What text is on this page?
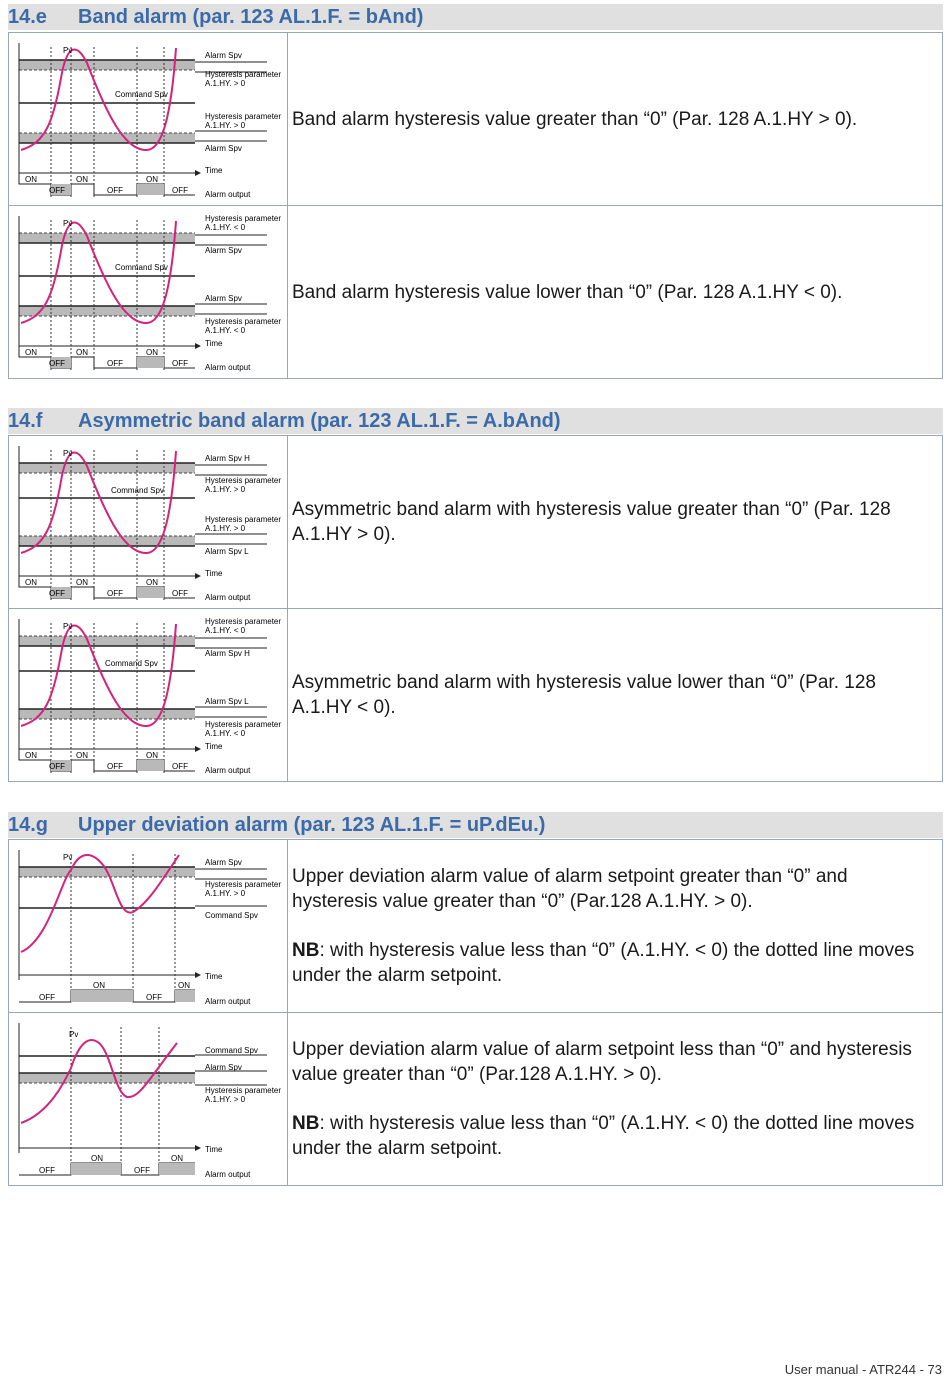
14.e Band alarm (par. 123 AL.1.F. = bAnd)
Pv
Alarm Spv
Hysteresis parameter
A.1.HY. > 0
Command Spv
Hysteresis parameter
A.1.HY. > 0
Alarm Spv
Time
Alarm output
ON
OFF
ON
OFF
ON
OFF

Band alarm hysteresis value greater than “0” (Par. 128 A.1.HY > 0).

Pv
Hysteresis parameter
A.1.HY. < 0
Alarm Spv
Command Spv
Alarm Spv
Hysteresis parameter
A.1.HY. < 0
Time
Alarm output
ON
OFF
ON
OFF
ON
OFF

Band alarm hysteresis value lower than “0” (Par. 128 A.1.HY < 0).

14.f Asymmetric band alarm (par. 123 AL.1.F. = A.bAnd)
Pv
Alarm Spv H
Hysteresis parameter
A.1.HY. > 0
Command Spv
Hysteresis parameter
A.1.HY. > 0
Alarm Spv L
Time
Alarm output
ON
OFF
ON
OFF
ON
OFF

Asymmetric band alarm with hysteresis value greater than “0” (Par. 128 A.1.HY > 0).

Pv
Hysteresis parameter
A.1.HY. < 0
Alarm Spv H
Command Spv
Alarm Spv L
Hysteresis parameter
A.1.HY. < 0
Time
Alarm output
ON
OFF
ON
OFF
ON
OFF

Asymmetric band alarm with hysteresis value lower than “0” (Par. 128 A.1.HY < 0).

14.g Upper deviation alarm (par. 123 AL.1.F. = uP.dEu.)
Pv
Alarm Spv
Hysteresis parameter
A.1.HY. > 0
Command Spv
Time
Alarm output
OFF
ON
OFF
ON

Upper deviation alarm value of alarm setpoint greater than “0” and hysteresis value greater than “0” (Par.128 A.1.HY. > 0).

NB: with hysteresis value less than “0” (A.1.HY. < 0) the dotted line moves under the alarm setpoint.

Pv
Command Spv
Alarm Spv
Hysteresis parameter
A.1.HY. > 0
Time
Alarm output
OFF
ON
OFF
ON

Upper deviation alarm value of alarm setpoint less than “0” and hysteresis value greater than “0” (Par.128 A.1.HY. > 0).

NB: with hysteresis value less than “0” (A.1.HY. < 0) the dotted line moves under the alarm setpoint.

User manual - ATR244 - 73
